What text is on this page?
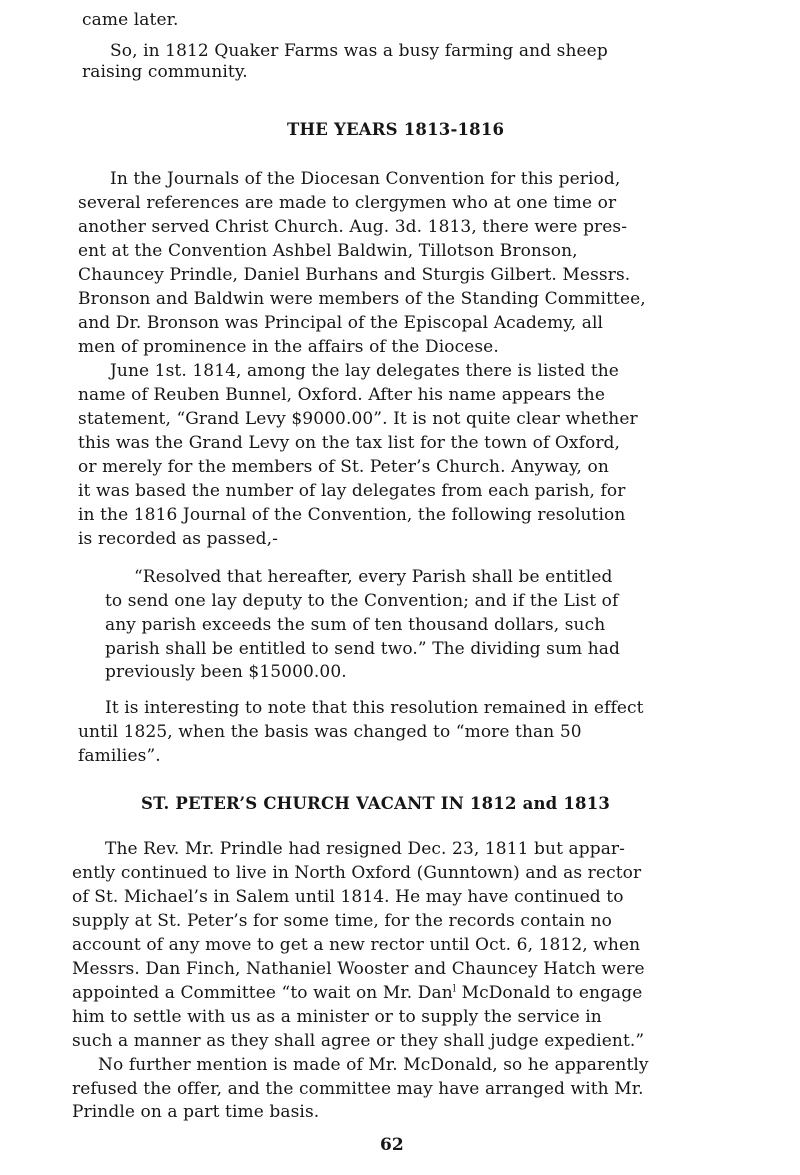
came later.
So, in 1812 Quaker Farms was a busy farming and sheep
raising community.
THE YEARS 1813-1816
In the Journals of the Diocesan Convention for this period,
several references are made to clergymen who at one time or
another served Christ Church. Aug. 3d. 1813, there were pres-
ent at the Convention Ashbel Baldwin, Tillotson Bronson,
Chauncey Prindle, Daniel Burhans and Sturgis Gilbert. Messrs.
Bronson and Baldwin were members of the Standing Committee,
and Dr. Bronson was Principal of the Episcopal Academy, all
men of prominence in the affairs of the Diocese.
June 1st. 1814, among the lay delegates there is listed the
name of Reuben Bunnel, Oxford. After his name appears the
statement, “Grand Levy $9000.00”. It is not quite clear whether
this was the Grand Levy on the tax list for the town of Oxford,
or merely for the members of St. Peter’s Church. Anyway, on
it was based the number of lay delegates from each parish, for
in the 1816 Journal of the Convention, the following resolution
is recorded as passed,-
“Resolved that hereafter, every Parish shall be entitled
to send one lay deputy to the Convention; and if the List of
any parish exceeds the sum of ten thousand dollars, such
parish shall be entitled to send two.” The dividing sum had
previously been $15000.00.
It is interesting to note that this resolution remained in effect
until 1825, when the basis was changed to “more than 50
families”.
ST. PETER’S CHURCH VACANT IN 1812 and 1813
The Rev. Mr. Prindle had resigned Dec. 23, 1811 but appar-
ently continued to live in North Oxford (Gunntown) and as rector
of St. Michael’s in Salem until 1814. He may have continued to
supply at St. Peter’s for some time, for the records contain no
account of any move to get a new rector until Oct. 6, 1812, when
Messrs. Dan Finch, Nathaniel Wooster and Chauncey Hatch were
appointed a Committee “to wait on Mr. Dan$^l$ McDonald to engage
him to settle with us as a minister or to supply the service in
such a manner as they shall agree or they shall judge expedient.”
No further mention is made of Mr. McDonald, so he apparently
refused the offer, and the committee may have arranged with Mr.
Prindle on a part time basis.
62
